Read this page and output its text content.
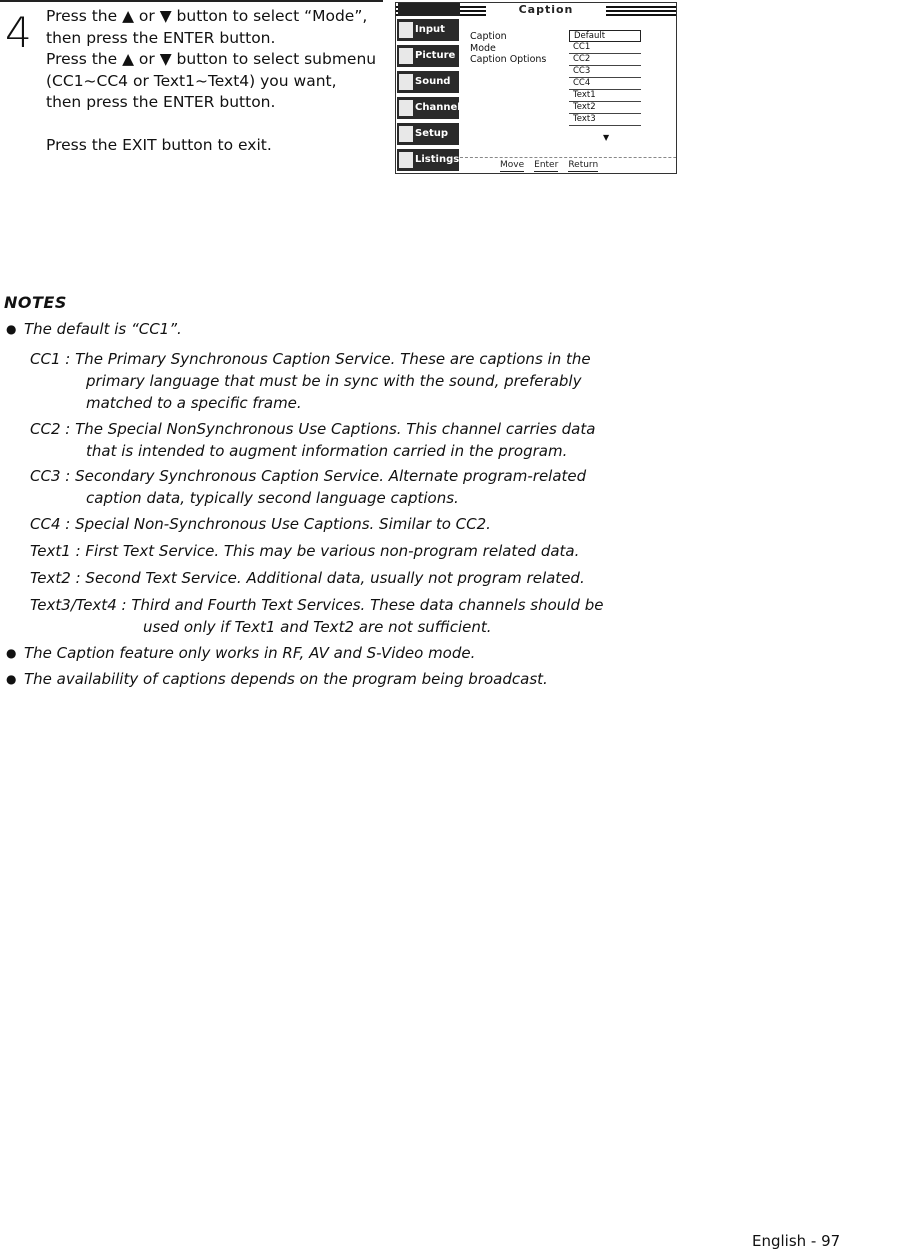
4 Press the ▲ or ▼ button to select “Mode”,

then press the ENTER button.

Press the ▲ or ▼ button to select submenu

(CC1~CC4 or Text1~Text4) you want,

then press the ENTER button.

Press the EXIT button to exit.

Caption
Input
Picture
Sound
Channel
Setup
Listings
Caption
Mode
Caption Options
Default
CC1
CC2
CC3
CC4
Text1
Text2
Text3
▼
Move Enter Return
NOTES
● The default is “CC1”.
CC1 : The Primary Synchronous Caption Service. These are captions in the
primary language that must be in sync with the sound, preferably
matched to a specific frame.
CC2 : The Special NonSynchronous Use Captions. This channel carries data
that is intended to augment information carried in the program.
CC3 : Secondary Synchronous Caption Service. Alternate program-related
caption data, typically second language captions.
CC4 : Special Non-Synchronous Use Captions. Similar to CC2.
Text1 : First Text Service. This may be various non-program related data.
Text2 : Second Text Service. Additional data, usually not program related.
Text3/Text4 : Third and Fourth Text Services. These data channels should be
used only if Text1 and Text2 are not sufficient.
● The Caption feature only works in RF, AV and S-Video mode.
● The availability of captions depends on the program being broadcast.
English - 97
